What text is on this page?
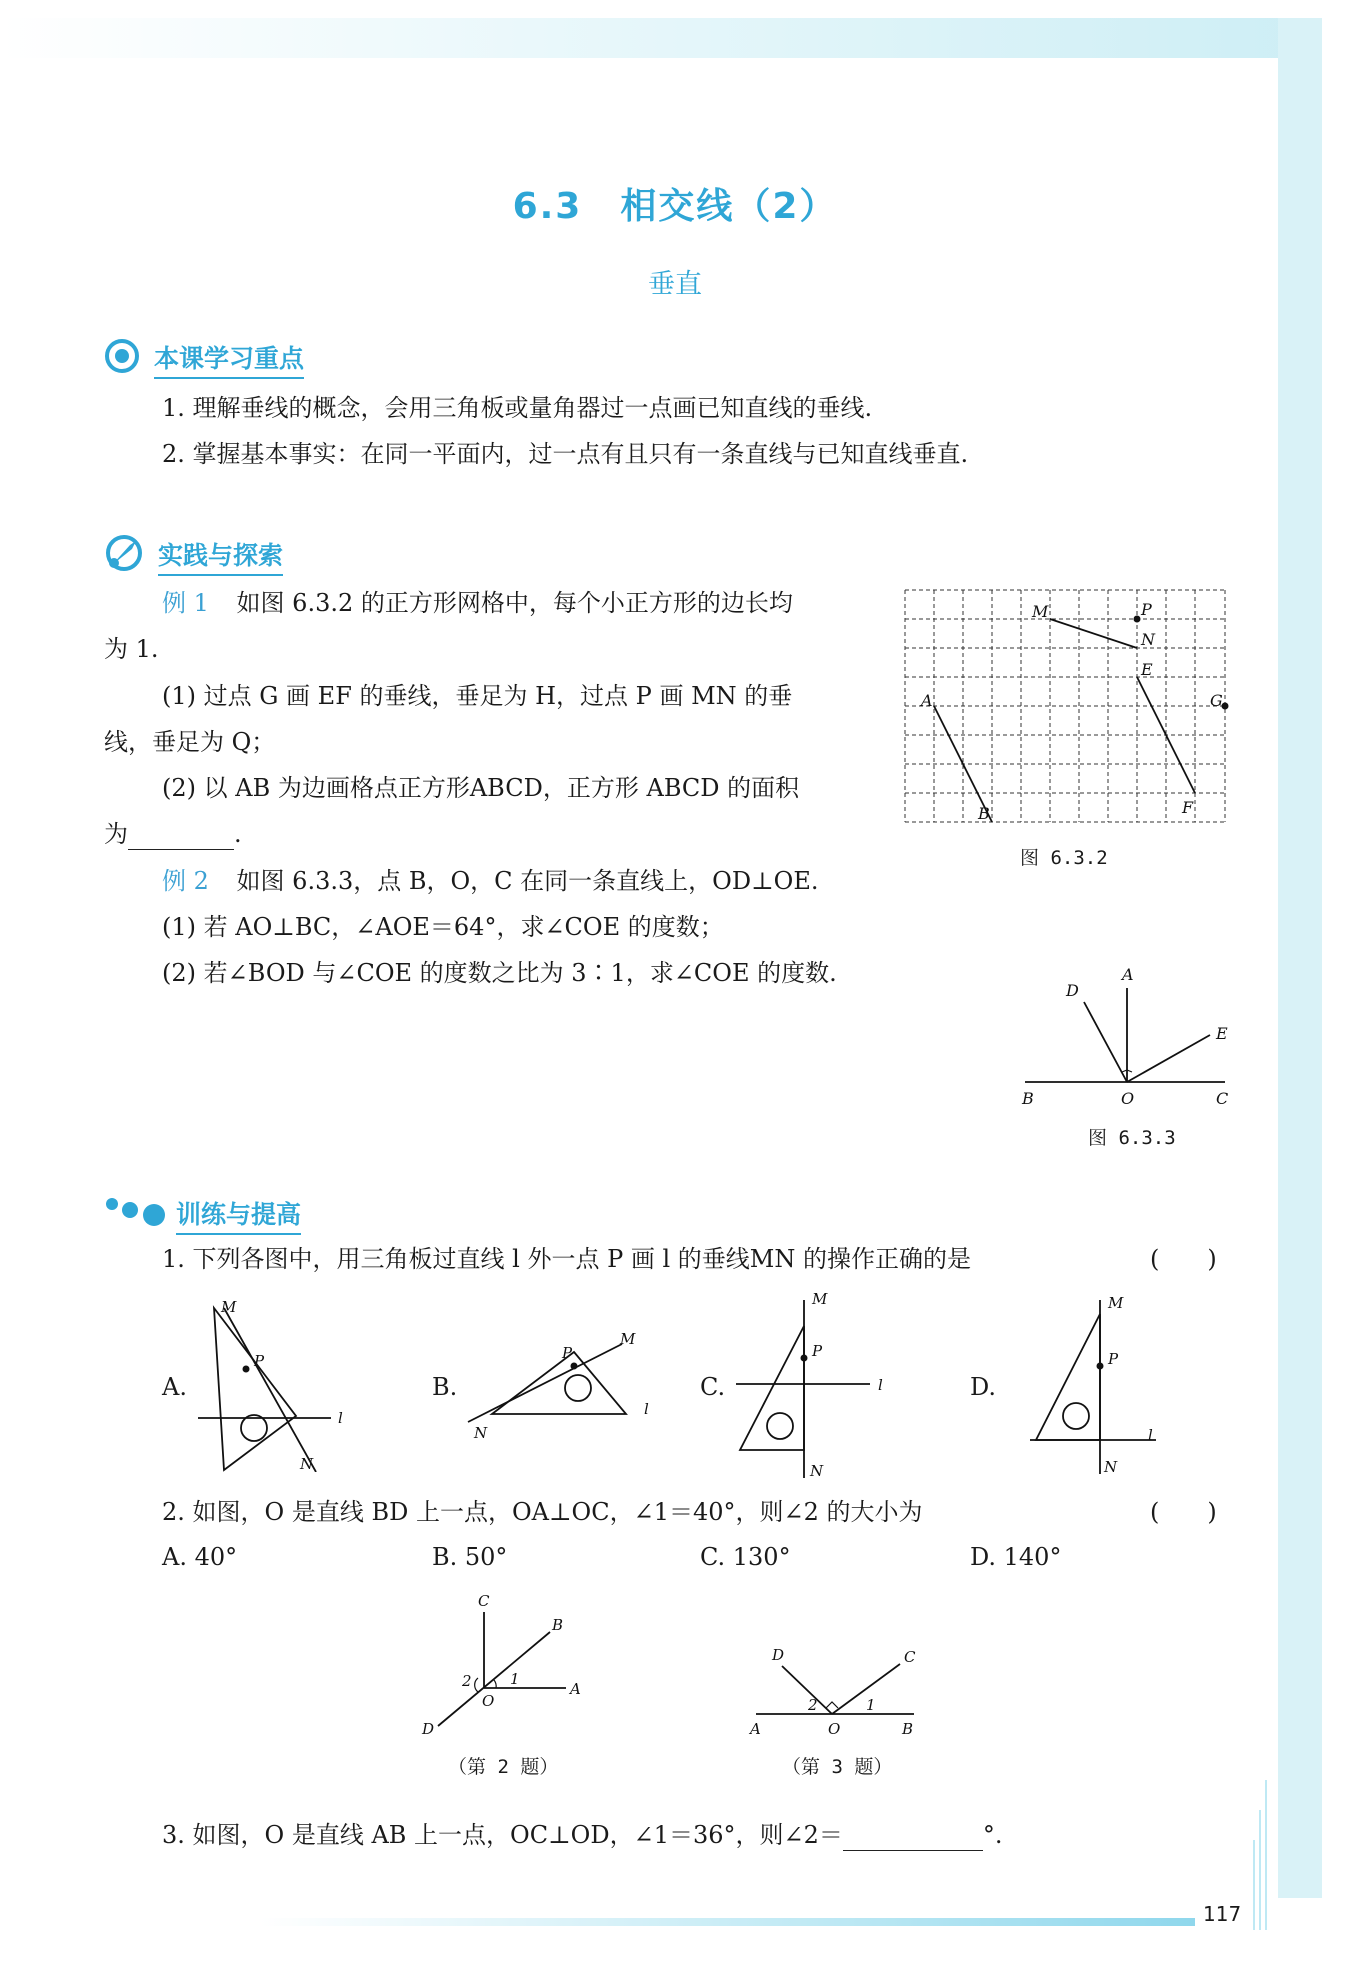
6.3　相交线（2）
垂直
本课学习重点
1. 理解垂线的概念，会用三角板或量角器过一点画已知直线的垂线.
2. 掌握基本事实：在同一平面内，过一点有且只有一条直线与已知直线垂直.
实践与探索
例 1 如图 6.3.2 的正方形网格中，每个小正方形的边长均
为 1.
(1) 过点 G 画 EF 的垂线，垂足为 H，过点 P 画 MN 的垂
线，垂足为 Q；
(2) 以 AB 为边画格点正方形ABCD，正方形 ABCD 的面积
为	.
例 2 如图 6.3.3，点 B，O，C 在同一条直线上，OD⊥OE.
(1) 若 AO⊥BC，∠AOE＝64°，求∠COE 的度数；
(2) 若∠BOD 与∠COE 的度数之比为 3∶1，求∠COE 的度数.
M	P
N
E
A	G
F
B
图 6.3.2
D
A
E
B	O	C
图 6.3.3
训练与提高
1. 下列各图中，用三角板过直线 l 外一点 P 画 l 的垂线MN 的操作正确的是	(　　)
A.
M
P
l
N
B.
P
M
l
N
C.
M
P
l
N
D.
M
P
l
N
2. 如图，O 是直线 BD 上一点，OA⊥OC，∠1＝40°，则∠2 的大小为	(　　)
A. 40°	B. 50°	C. 130°	D. 140°
C
B
2	1
O
A
D
（第 2 题）
D	C
2	1
A	O	B
（第 3 题）
3. 如图，O 是直线 AB 上一点，OC⊥OD，∠1＝36°，则∠2＝	°.
117
